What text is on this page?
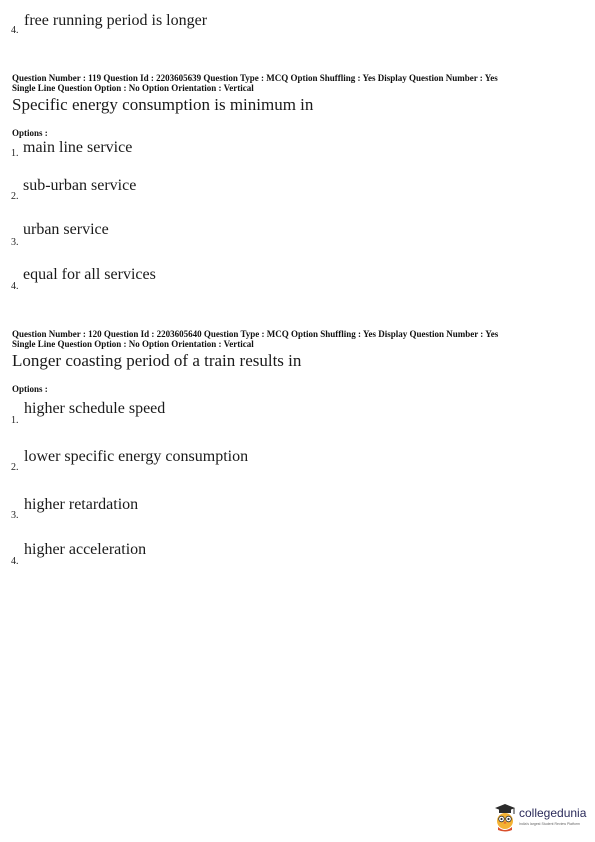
4.
free running period is longer
Question Number : 119 Question Id : 2203605639 Question Type : MCQ Option Shuffling : Yes Display Question Number : Yes
Single Line Question Option : No Option Orientation : Vertical
Specific energy consumption is minimum in
Options :
1. main line service
2.
sub-urban service
3.
urban service
4.
equal for all services
Question Number : 120 Question Id : 2203605640 Question Type : MCQ Option Shuffling : Yes Display Question Number : Yes
Single Line Question Option : No Option Orientation : Vertical
Longer coasting period of a train results in
Options :
1.
higher schedule speed
2.
lower specific energy consumption
3.
higher retardation
4.
higher acceleration
collegedunia
India's largest Student Review Platform
